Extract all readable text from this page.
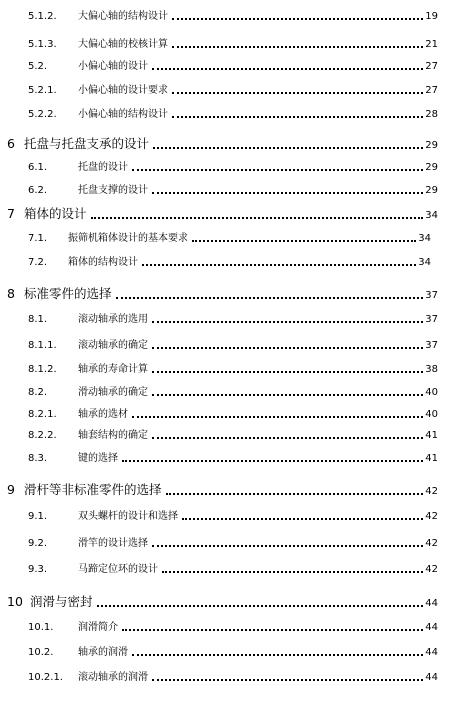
5.1.2.	大偏心轴的结构设计	19
5.1.3.	大偏心轴的校核计算	21
5.2.	小偏心轴的设计	27
5.2.1.	小偏心轴的设计要求	27
5.2.2.	小偏心轴的结构设计	28
6 托盘与托盘支承的设计	29
6.1.	托盘的设计	29
6.2.	托盘支撑的设计	29
7 箱体的设计	34
7.1.	振筛机箱体设计的基本要求	34
7.2.	箱体的结构设计	34
8 标准零件的选择	37
8.1.	滚动轴承的选用	37
8.1.1.	滚动轴承的确定	37
8.1.2.	轴承的寿命计算	38
8.2.	滑动轴承的确定	40
8.2.1.	轴承的选材	40
8.2.2.	轴套结构的确定	41
8.3.	键的选择	41
9 滑杆等非标准零件的选择	42
9.1.	双头螺杆的设计和选择	42
9.2.	滑竿的设计选择	42
9.3.	马蹄定位环的设计	42
10 润滑与密封	44
10.1.	润滑简介	44
10.2.	轴承的润滑	44
10.2.1.	滚动轴承的润滑	44
